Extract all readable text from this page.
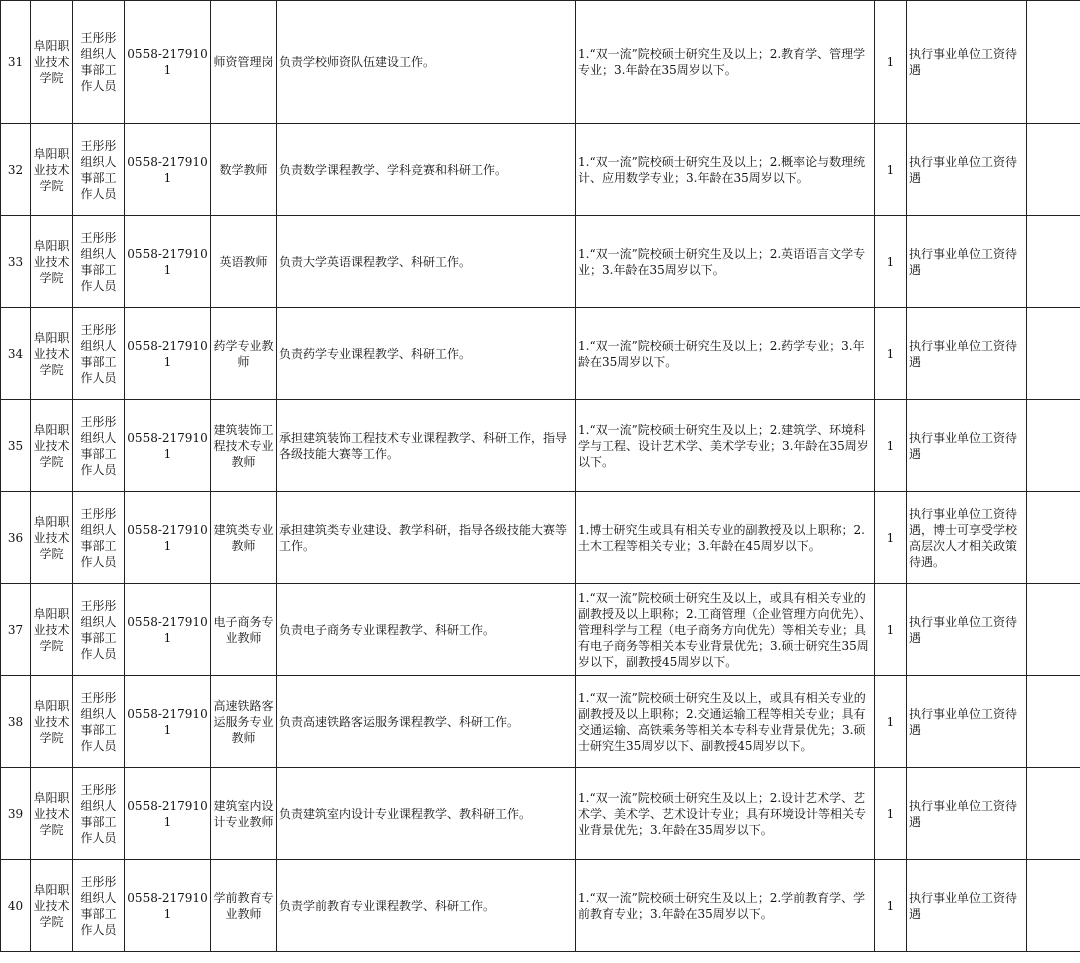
31	阜阳职业技术学院	王彤彤组织人事部工作人员	0558-2179101	师资管理岗	负责学校师资队伍建设工作。	1.“双一流”院校硕士研究生及以上；2.教育学、管理学专业；3.年龄在35周岁以下。	1	执行事业单位工资待遇	
32	阜阳职业技术学院	王彤彤组织人事部工作人员	0558-2179101	数学教师	负责数学课程教学、学科竞赛和科研工作。	1.“双一流”院校硕士研究生及以上；2.概率论与数理统计、应用数学专业；3.年龄在35周岁以下。	1	执行事业单位工资待遇	
33	阜阳职业技术学院	王彤彤组织人事部工作人员	0558-2179101	英语教师	负责大学英语课程教学、科研工作。	1.“双一流”院校硕士研究生及以上；2.英语语言文学专业；3.年龄在35周岁以下。	1	执行事业单位工资待遇	
34	阜阳职业技术学院	王彤彤组织人事部工作人员	0558-2179101	药学专业教师	负责药学专业课程教学、科研工作。	1.“双一流”院校硕士研究生及以上；2.药学专业；3.年龄在35周岁以下。	1	执行事业单位工资待遇	
35	阜阳职业技术学院	王彤彤组织人事部工作人员	0558-2179101	建筑装饰工程技术专业教师	承担建筑装饰工程技术专业课程教学、科研工作，指导各级技能大赛等工作。	1.“双一流”院校硕士研究生及以上；2.建筑学、环境科学与工程、设计艺术学、美术学专业；3.年龄在35周岁以下。	1	执行事业单位工资待遇	
36	阜阳职业技术学院	王彤彤组织人事部工作人员	0558-2179101	建筑类专业教师	承担建筑类专业建设、教学科研，指导各级技能大赛等工作。	1.博士研究生或具有相关专业的副教授及以上职称；2.土木工程等相关专业；3.年龄在45周岁以下。	1	执行事业单位工资待遇，博士可享受学校高层次人才相关政策待遇。	
37	阜阳职业技术学院	王彤彤组织人事部工作人员	0558-2179101	电子商务专业教师	负责电子商务专业课程教学、科研工作。	1.“双一流”院校硕士研究生及以上，或具有相关专业的副教授及以上职称；2.工商管理（企业管理方向优先）、管理科学与工程（电子商务方向优先）等相关专业；具有电子商务等相关本专业背景优先；3.硕士研究生35周岁以下，副教授45周岁以下。	1	执行事业单位工资待遇	
38	阜阳职业技术学院	王彤彤组织人事部工作人员	0558-2179101	高速铁路客运服务专业教师	负责高速铁路客运服务课程教学、科研工作。	1.“双一流”院校硕士研究生及以上，或具有相关专业的副教授及以上职称；2.交通运输工程等相关专业；具有交通运输、高铁乘务等相关本专科专业背景优先；3.硕士研究生35周岁以下、副教授45周岁以下。	1	执行事业单位工资待遇	
39	阜阳职业技术学院	王彤彤组织人事部工作人员	0558-2179101	建筑室内设计专业教师	负责建筑室内设计专业课程教学、教科研工作。	1.“双一流”院校硕士研究生及以上；2.设计艺术学、艺术学、美术学、艺术设计专业；具有环境设计等相关专业背景优先；3.年龄在35周岁以下。	1	执行事业单位工资待遇	
40	阜阳职业技术学院	王彤彤组织人事部工作人员	0558-2179101	学前教育专业教师	负责学前教育专业课程教学、科研工作。	1.“双一流”院校硕士研究生及以上；2.学前教育学、学前教育专业；3.年龄在35周岁以下。	1	执行事业单位工资待遇	
